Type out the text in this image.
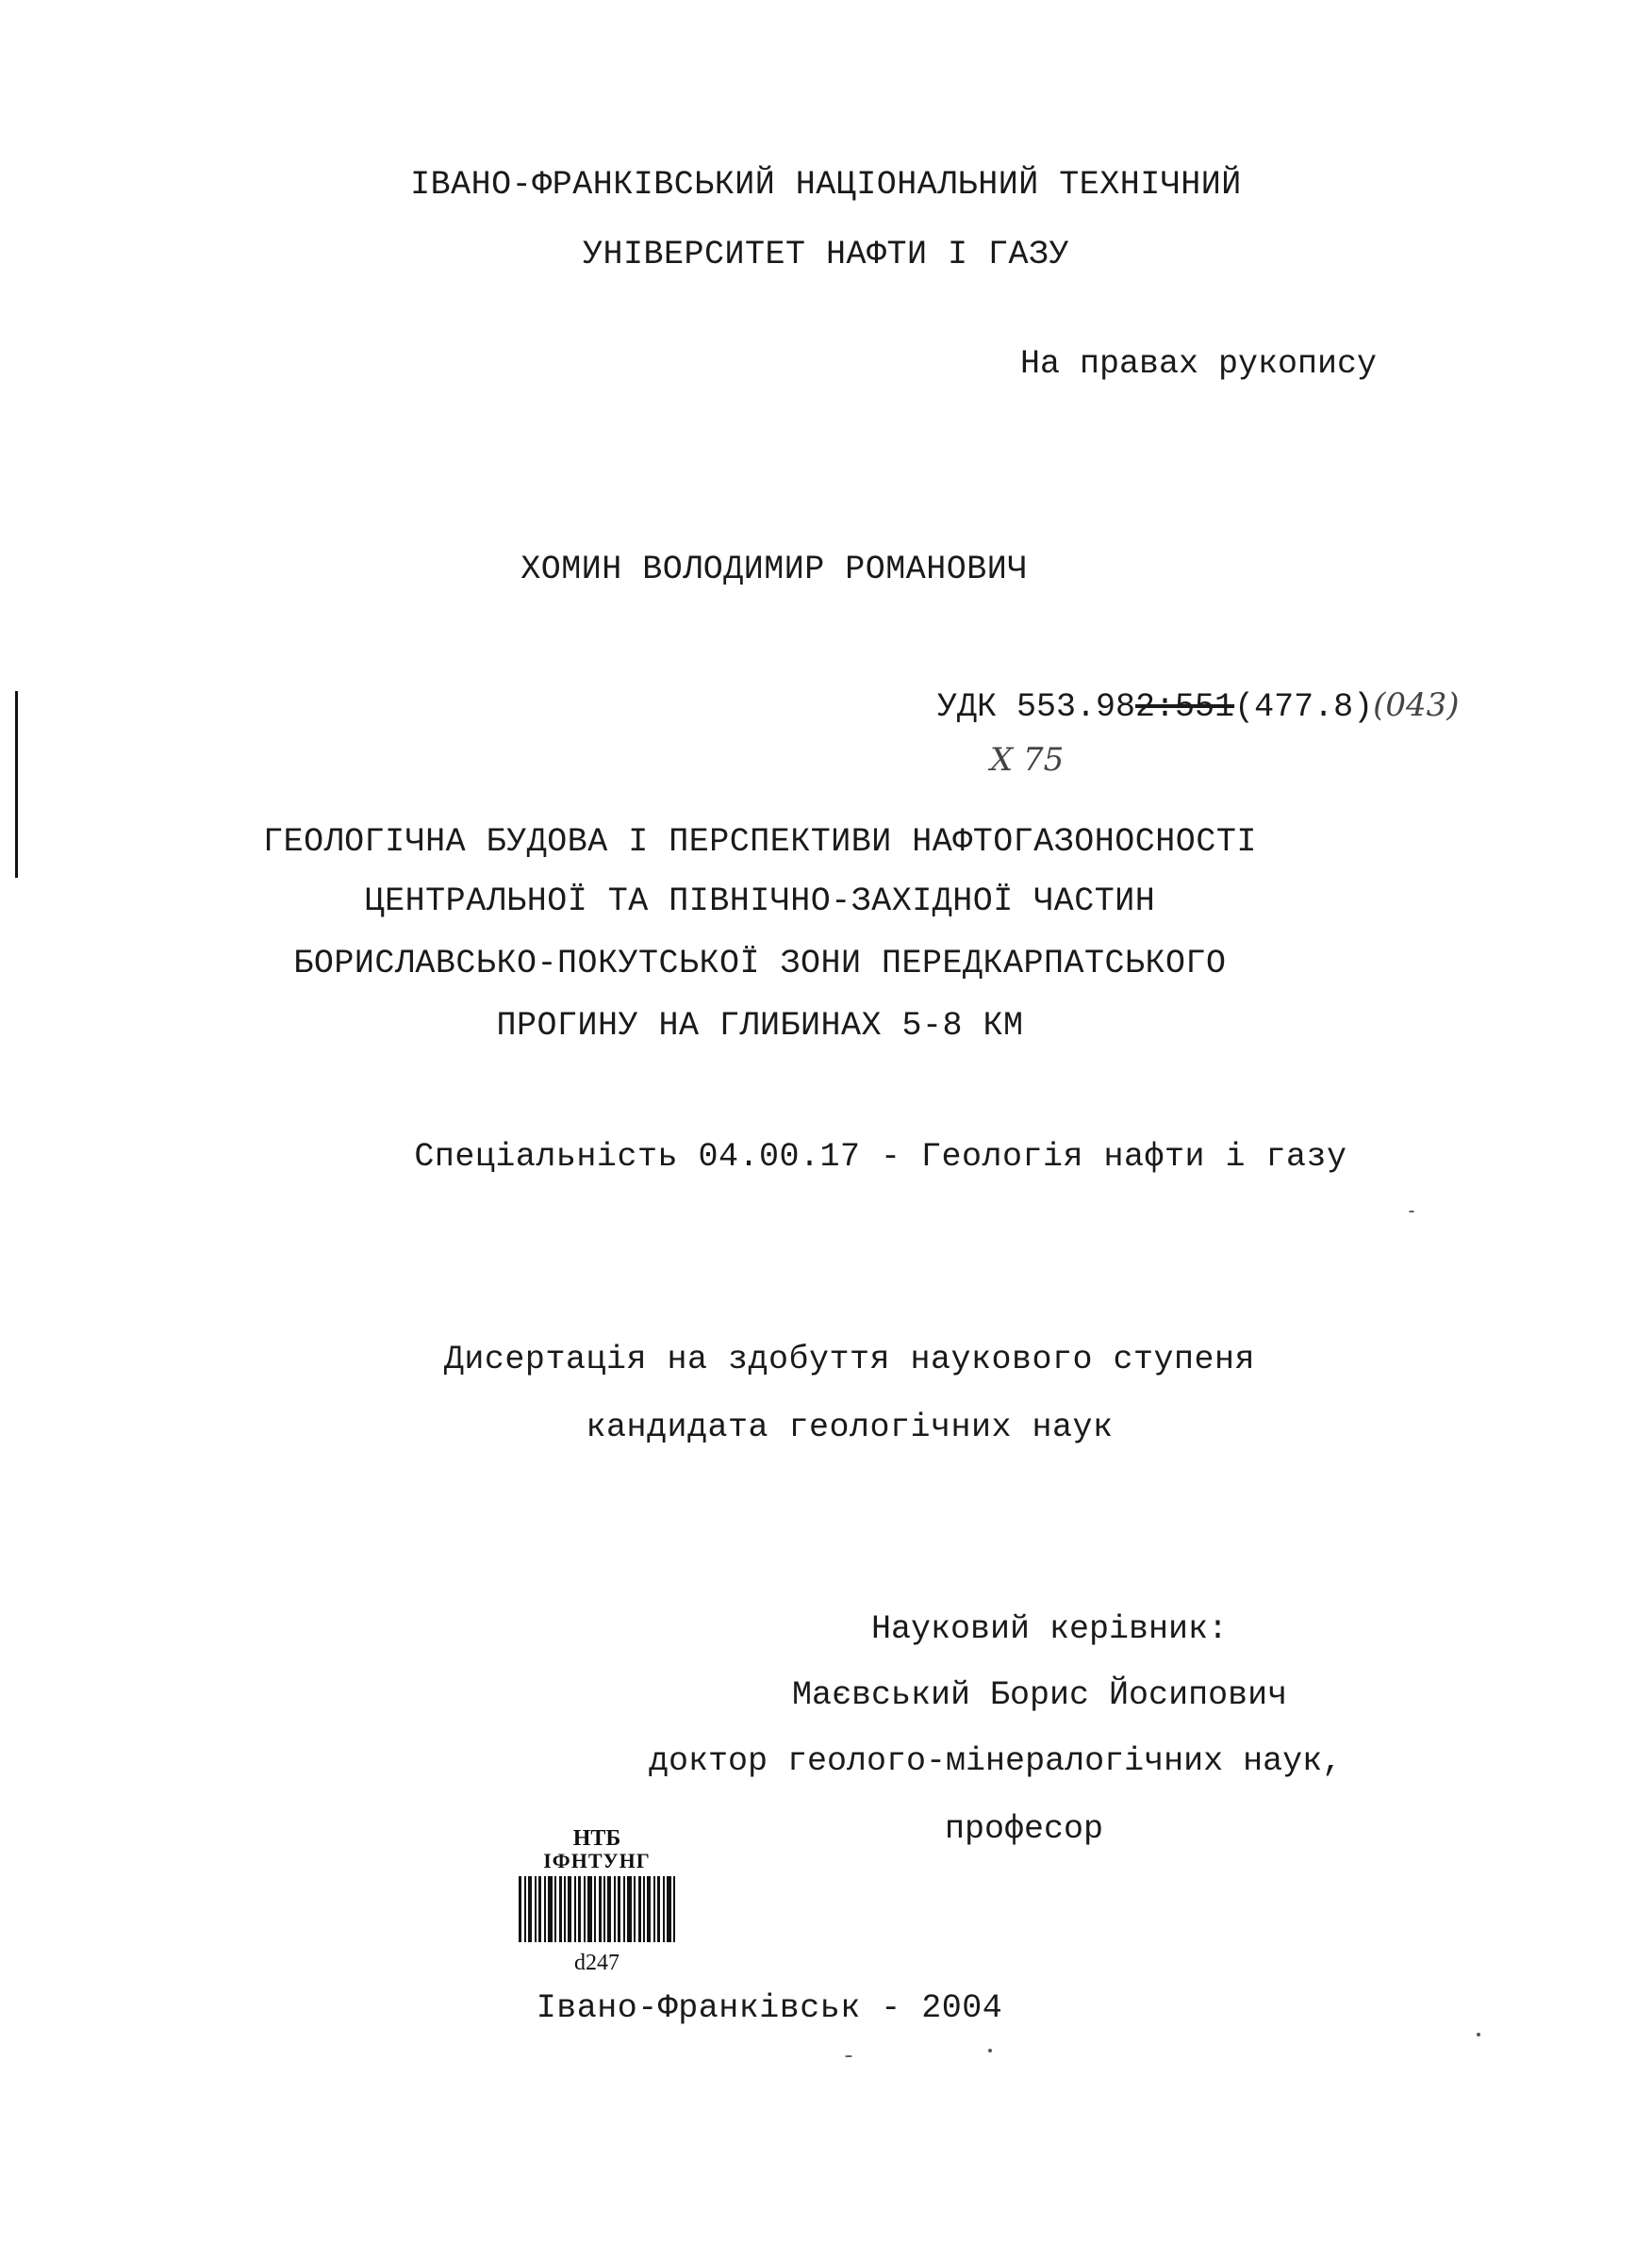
ІВАНО-ФРАНКІВСЬКИЙ НАЦІОНАЛЬНИЙ ТЕХНІЧНИЙ
УНІВЕРСИТЕТ НАФТИ І ГАЗУ
На правах рукопису
ХОМИН ВОЛОДИМИР РОМАНОВИЧ
УДК 553.982:551(477.8)(043)
Х 75
ГЕОЛОГІЧНА БУДОВА І ПЕРСПЕКТИВИ НАФТОГАЗОНОСНОСТІ
ЦЕНТРАЛЬНОЇ ТА ПІВНІЧНО-ЗАХІДНОЇ ЧАСТИН
БОРИСЛАВСЬКО-ПОКУТСЬКОЇ ЗОНИ ПЕРЕДКАРПАТСЬКОГО
ПРОГИНУ НА ГЛИБИНАХ 5-8 КМ
Спеціальність 04.00.17 - Геологія нафти і газу
Дисертація на здобуття наукового ступеня
кандидата геологічних наук
Науковий керівник:
Маєвський Борис Йосипович
доктор геолого-мінералогічних наук,
професор
НТБ
ІФНТУНГ
d247
Івано-Франківськ - 2004
